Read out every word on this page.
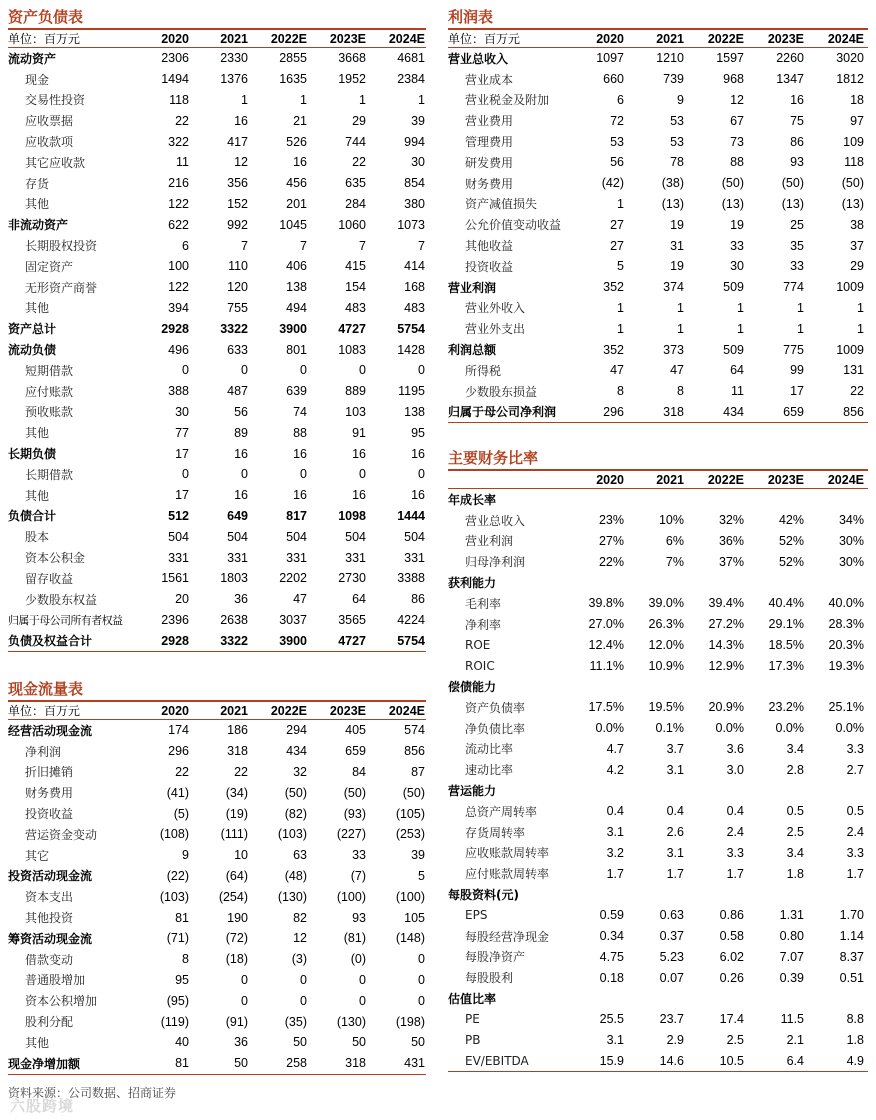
资产负债表
单位：百万元	2020	2021	2022E	2023E	2024E
流动资产	2306	2330	2855	3668	4681
现金	1494	1376	1635	1952	2384
交易性投资	118	1	1	1	1
应收票据	22	16	21	29	39
应收款项	322	417	526	744	994
其它应收款	11	12	16	22	30
存货	216	356	456	635	854
其他	122	152	201	284	380
非流动资产	622	992	1045	1060	1073
长期股权投资	6	7	7	7	7
固定资产	100	110	406	415	414
无形资产商誉	122	120	138	154	168
其他	394	755	494	483	483
资产总计	2928	3322	3900	4727	5754
流动负债	496	633	801	1083	1428
短期借款	0	0	0	0	0
应付账款	388	487	639	889	1195
预收账款	30	56	74	103	138
其他	77	89	88	91	95
长期负债	17	16	16	16	16
长期借款	0	0	0	0	0
其他	17	16	16	16	16
负债合计	512	649	817	1098	1444
股本	504	504	504	504	504
资本公积金	331	331	331	331	331
留存收益	1561	1803	2202	2730	3388
少数股东权益	20	36	47	64	86
归属于母公司所有者权益	2396	2638	3037	3565	4224
负债及权益合计	2928	3322	3900	4727	5754
现金流量表
单位：百万元	2020	2021	2022E	2023E	2024E
经营活动现金流	174	186	294	405	574
净利润	296	318	434	659	856
折旧摊销	22	22	32	84	87
财务费用	(41)	(34)	(50)	(50)	(50)
投资收益	(5)	(19)	(82)	(93)	(105)
营运资金变动	(108)	(111)	(103)	(227)	(253)
其它	9	10	63	33	39
投资活动现金流	(22)	(64)	(48)	(7)	5
资本支出	(103)	(254)	(130)	(100)	(100)
其他投资	81	190	82	93	105
筹资活动现金流	(71)	(72)	12	(81)	(148)
借款变动	8	(18)	(3)	(0)	0
普通股增加	95	0	0	0	0
资本公积增加	(95)	0	0	0	0
股利分配	(119)	(91)	(35)	(130)	(198)
其他	40	36	50	50	50
现金净增加额	81	50	258	318	431
利润表
单位：百万元	2020	2021	2022E	2023E	2024E
营业总收入	1097	1210	1597	2260	3020
营业成本	660	739	968	1347	1812
营业税金及附加	6	9	12	16	18
营业费用	72	53	67	75	97
管理费用	53	53	73	86	109
研发费用	56	78	88	93	118
财务费用	(42)	(38)	(50)	(50)	(50)
资产减值损失	1	(13)	(13)	(13)	(13)
公允价值变动收益	27	19	19	25	38
其他收益	27	31	33	35	37
投资收益	5	19	30	33	29
营业利润	352	374	509	774	1009
营业外收入	1	1	1	1	1
营业外支出	1	1	1	1	1
利润总额	352	373	509	775	1009
所得税	47	47	64	99	131
少数股东损益	8	8	11	17	22
归属于母公司净利润	296	318	434	659	856
主要财务比率
2020	2021	2022E	2023E	2024E
年成长率
营业总收入	23%	10%	32%	42%	34%
营业利润	27%	6%	36%	52%	30%
归母净利润	22%	7%	37%	52%	30%
获利能力
毛利率	39.8%	39.0%	39.4%	40.4%	40.0%
净利率	27.0%	26.3%	27.2%	29.1%	28.3%
ROE	12.4%	12.0%	14.3%	18.5%	20.3%
ROIC	11.1%	10.9%	12.9%	17.3%	19.3%
偿债能力
资产负债率	17.5%	19.5%	20.9%	23.2%	25.1%
净负债比率	0.0%	0.1%	0.0%	0.0%	0.0%
流动比率	4.7	3.7	3.6	3.4	3.3
速动比率	4.2	3.1	3.0	2.8	2.7
营运能力
总资产周转率	0.4	0.4	0.4	0.5	0.5
存货周转率	3.1	2.6	2.4	2.5	2.4
应收账款周转率	3.2	3.1	3.3	3.4	3.3
应付账款周转率	1.7	1.7	1.7	1.8	1.7
每股资料(元)
EPS	0.59	0.63	0.86	1.31	1.70
每股经营净现金	0.34	0.37	0.58	0.80	1.14
每股净资产	4.75	5.23	6.02	7.07	8.37
每股股利	0.18	0.07	0.26	0.39	0.51
估值比率
PE	25.5	23.7	17.4	11.5	8.8
PB	3.1	2.9	2.5	2.1	1.8
EV/EBITDA	15.9	14.6	10.5	6.4	4.9
资料来源：公司数据、招商证券
六股跨境
